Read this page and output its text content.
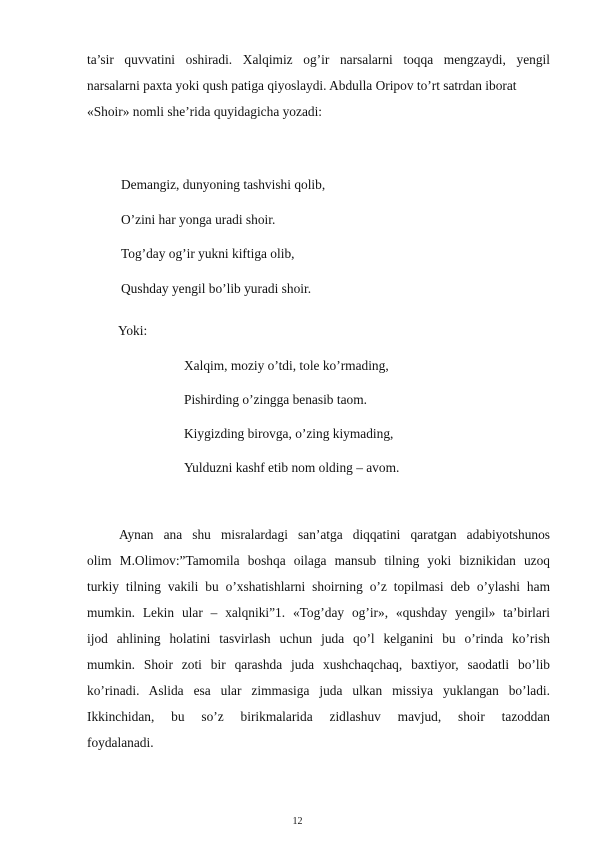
ta’sir quvvatini oshiradi. Xalqimiz og’ir narsalarni toqqa mengzaydi, yengil
narsalarni paxta yoki qush patiga qiyoslaydi. Abdulla Oripov to’rt satrdan iborat
«Shoir» nomli she’rida quyidagicha yozadi:
Demangiz, dunyoning tashvishi qolib,
O’zini har yonga uradi shoir.
Tog’day og’ir yukni kiftiga olib,
Qushday yengil bo’lib yuradi shoir.
Yoki:
Xalqim, moziy o’tdi, tole ko’rmading,
Pishirding o’zingga benasib taom.
Kiygizding birovga, o’zing kiymading,
Yulduzni kashf etib nom olding – avom.
Aynan ana shu misralardagi san’atga diqqatini qaratgan adabiyotshunos
olim M.Olimov:”Tamomila boshqa oilaga mansub tilning yoki biznikidan uzoq
turkiy tilning vakili bu o’xshatishlarni shoirning o’z topilmasi deb o’ylashi ham
mumkin. Lekin ular – xalqniki”1. «Tog’day og’ir», «qushday yengil» ta’birlari
ijod ahlining holatini tasvirlash uchun juda qo’l kelganini bu o’rinda ko’rish
mumkin. Shoir zoti bir qarashda juda xushchaqchaq, baxtiyor, saodatli bo’lib
ko’rinadi. Aslida esa ular zimmasiga juda ulkan missiya yuklangan bo’ladi.
Ikkinchidan, bu so’z birikmalarida zidlashuv mavjud, shoir tazoddan
foydalanadi.
12
